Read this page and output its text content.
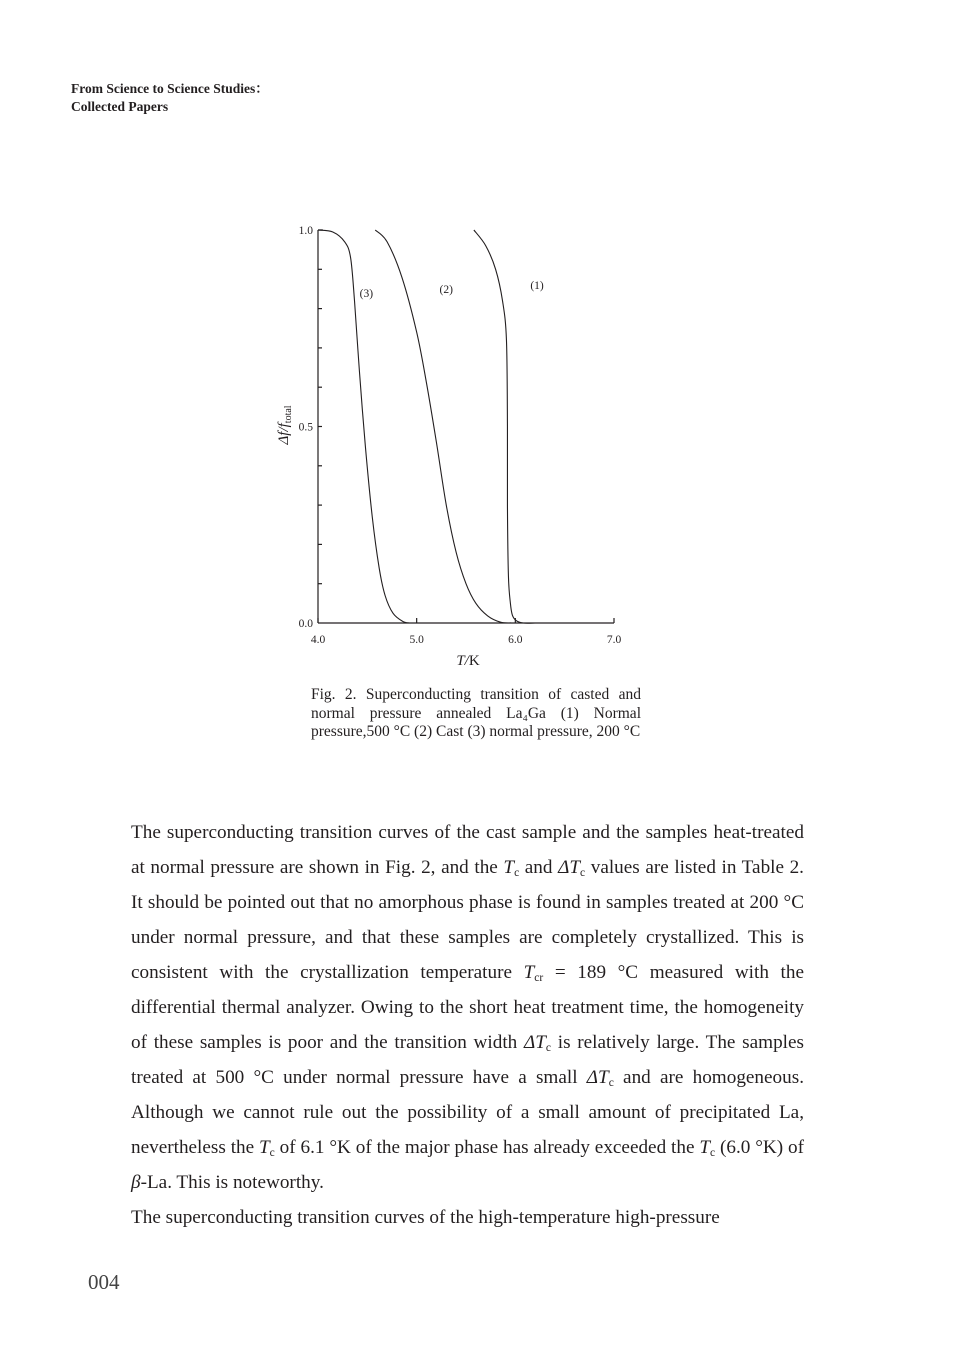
From Science to Science Studies：
Collected Papers
4.0	5.0	6.0	7.0
0.0
0.5
1.0
$\Delta f/f_{total}$
(1)
(2)
(3)
T/K
Fig. 2. Superconducting transition of casted and normal pressure annealed La₄Ga (1) Normal pressure,500 °C (2) Cast (3) normal pressure, 200 °C

The superconducting transition curves of the cast sample and the samples heat-treated at normal pressure are shown in Fig. 2, and the $T_c$ and $\Delta T_c$ values are listed in Table 2. It should be pointed out that no amorphous phase is found in samples treated at 200 °C under normal pressure, and that these samples are completely crystallized. This is consistent with the crystallization temperature $T_{cr} = 189$ °C measured with the differential thermal analyzer. Owing to the short heat treatment time, the homogeneity of these samples is poor and the transition width $\Delta T_c$ is relatively large. The samples treated at 500 °C under normal pressure have a small $\Delta T_c$ and are homogeneous. Although we cannot rule out the possibility of a small amount of precipitated La, nevertheless the $T_c$ of 6.1 °K of the major phase has already exceeded the $T_c$ (6.0 °K) of β-La. This is noteworthy.

The superconducting transition curves of the high-temperature high-pressure

004
